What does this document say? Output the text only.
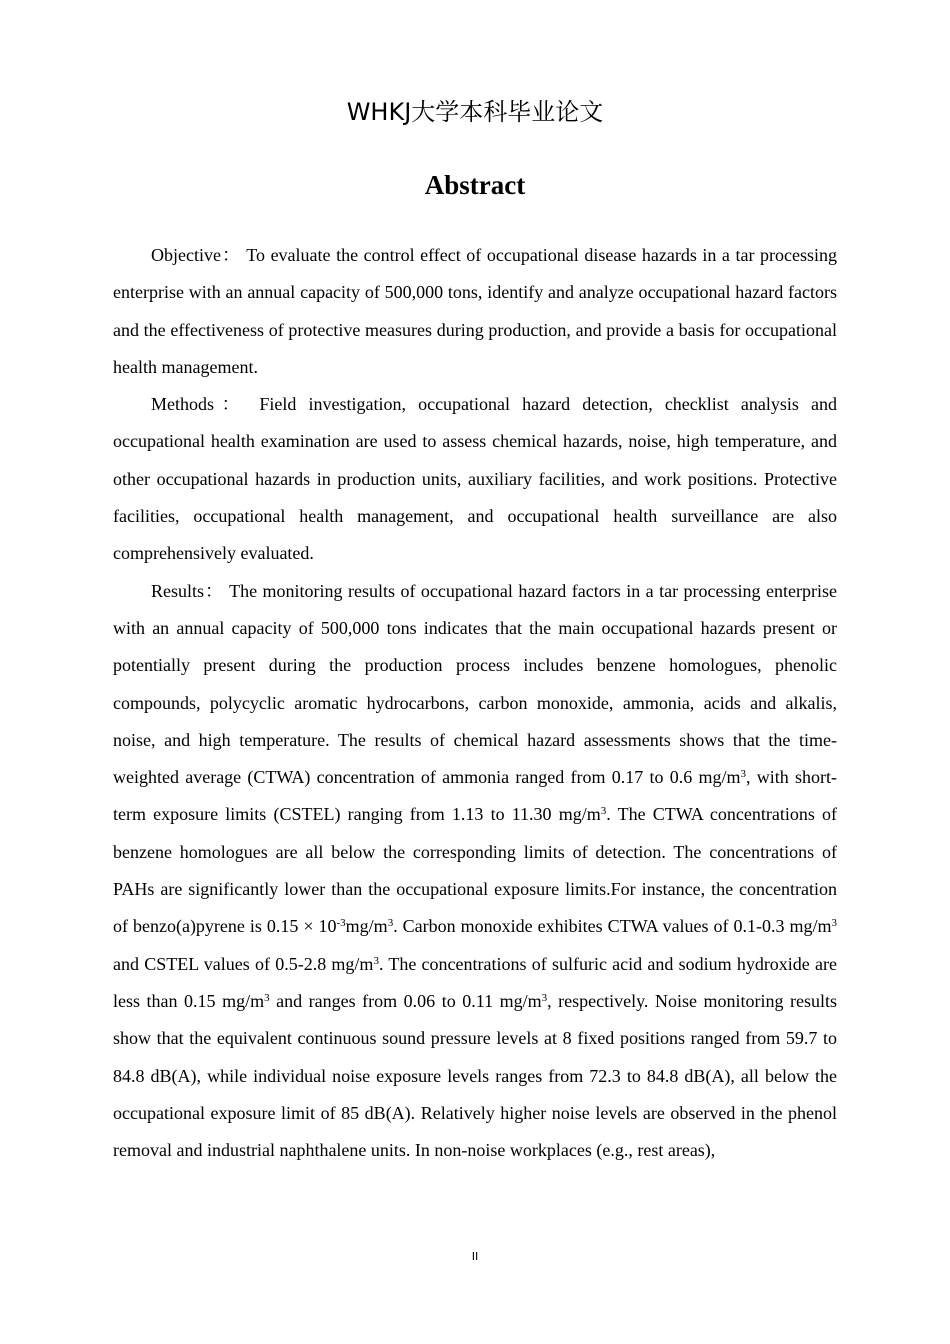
WHKJ大学本科毕业论文
Abstract

Objective： To evaluate the control effect of occupational disease hazards in a tar processing enterprise with an annual capacity of 500,000 tons, identify and analyze occupational hazard factors and the effectiveness of protective measures during production, and provide a basis for occupational health management.

Methods： Field investigation, occupational hazard detection, checklist analysis and occupational health examination are used to assess chemical hazards, noise, high temperature, and other occupational hazards in production units, auxiliary facilities, and work positions. Protective facilities, occupational health management, and occupational health surveillance are also comprehensively evaluated.

Results： The monitoring results of occupational hazard factors in a tar processing enterprise with an annual capacity of 500,000 tons indicates that the main occupational hazards present or potentially present during the production process includes benzene homologues, phenolic compounds, polycyclic aromatic hydrocarbons, carbon monoxide, ammonia, acids and alkalis, noise, and high temperature. The results of chemical hazard assessments shows that the time-weighted average (CTWA) concentration of ammonia ranged from 0.17 to 0.6 $mg/m^3$, with short-term exposure limits (CSTEL) ranging from 1.13 to 11.30 $mg/m^3$. The CTWA concentrations of benzene homologues are all below the corresponding limits of detection. The concentrations of PAHs are significantly lower than the occupational exposure limits.For instance, the concentration of benzo(a)pyrene is $0.15 \times 10^{-3}mg/m^3$. Carbon monoxide exhibites CTWA values of 0.1-0.3 $mg/m^3$ and CSTEL values of 0.5-2.8 $mg/m^3$. The concentrations of sulfuric acid and sodium hydroxide are less than 0.15 $mg/m^3$ and ranges from 0.06 to 0.11 $mg/m^3$, respectively. Noise monitoring results show that the equivalent continuous sound pressure levels at 8 fixed positions ranged from 59.7 to 84.8 dB(A), while individual noise exposure levels ranges from 72.3 to 84.8 dB(A), all below the occupational exposure limit of 85 dB(A). Relatively higher noise levels are observed in the phenol removal and industrial naphthalene units. In non-noise workplaces (e.g., rest areas),

II
